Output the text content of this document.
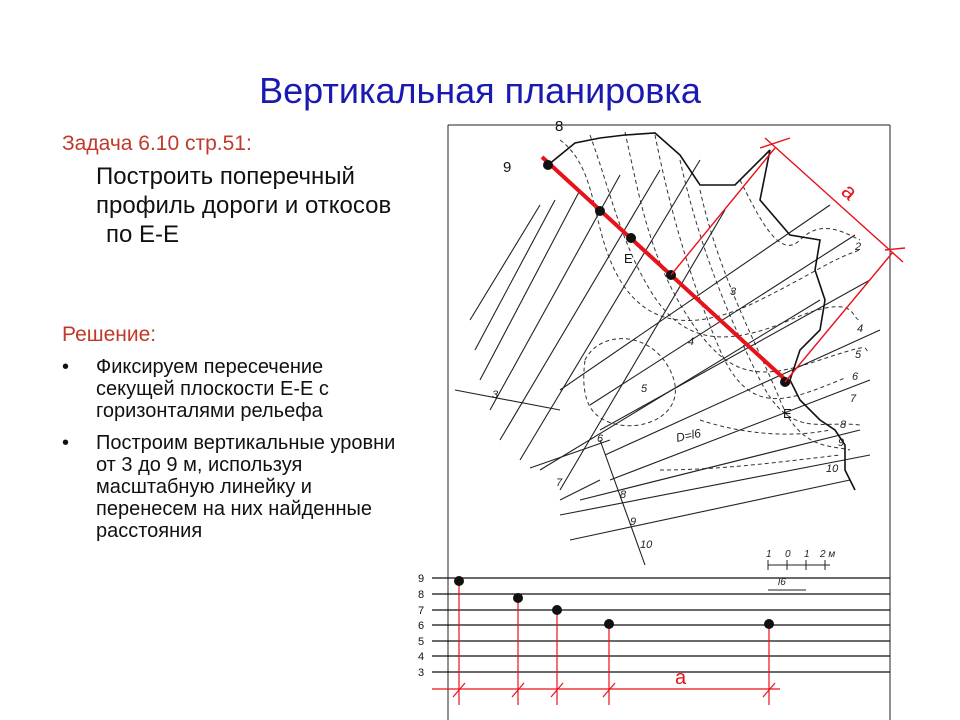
Вертикальная планировка
Задача 6.10 стр.51:
Построить поперечный профиль дороги и откосов
по Е-Е
Решение:
• Фиксируем пересечение секущей плоскости Е-Е с горизонталями рельефа
• Построим вертикальные уровни от 3 до 9 м, используя масштабную линейку и перенесем на них найденные расстояния
a
8
9
Е
Е
2
3
4
5
6
7
8
9
10
3
4
5
6
7
8
9
10
D=l6
1 0 1 2 м
l6
9
8
7
6
5
4
3	a
